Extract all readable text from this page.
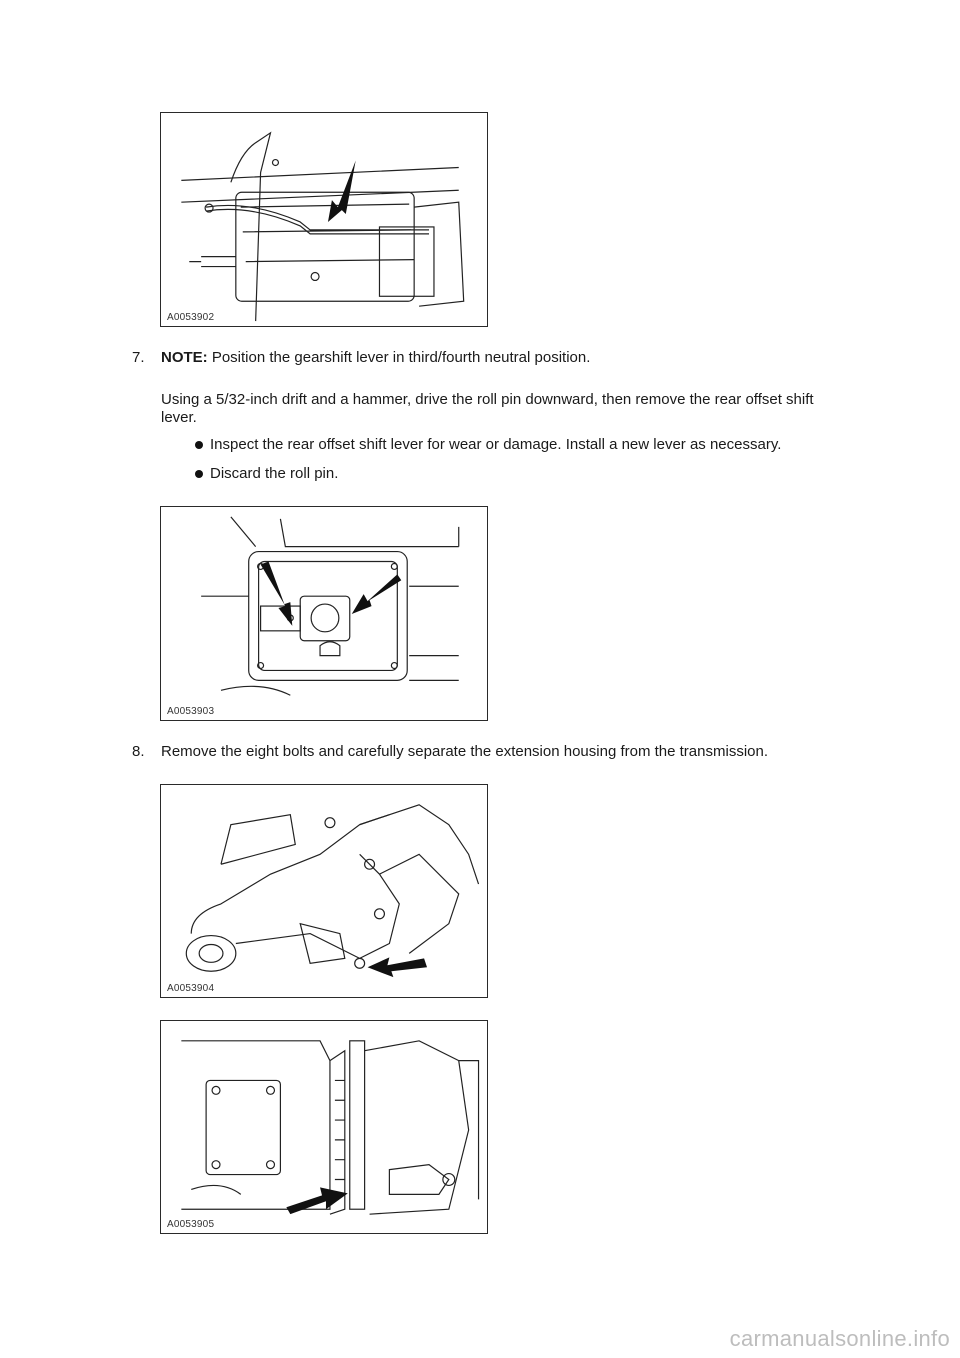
A0053902
7. NOTE: Position the gearshift lever in third/fourth neutral position.
Using a 5/32-inch drift and a hammer, drive the roll pin downward, then remove the rear offset shift lever.
Inspect the rear offset shift lever for wear or damage. Install a new lever as necessary.
Discard the roll pin.
A0053903
8. Remove the eight bolts and carefully separate the extension housing from the transmission.
A0053904
A0053905
carmanualsonline.info
